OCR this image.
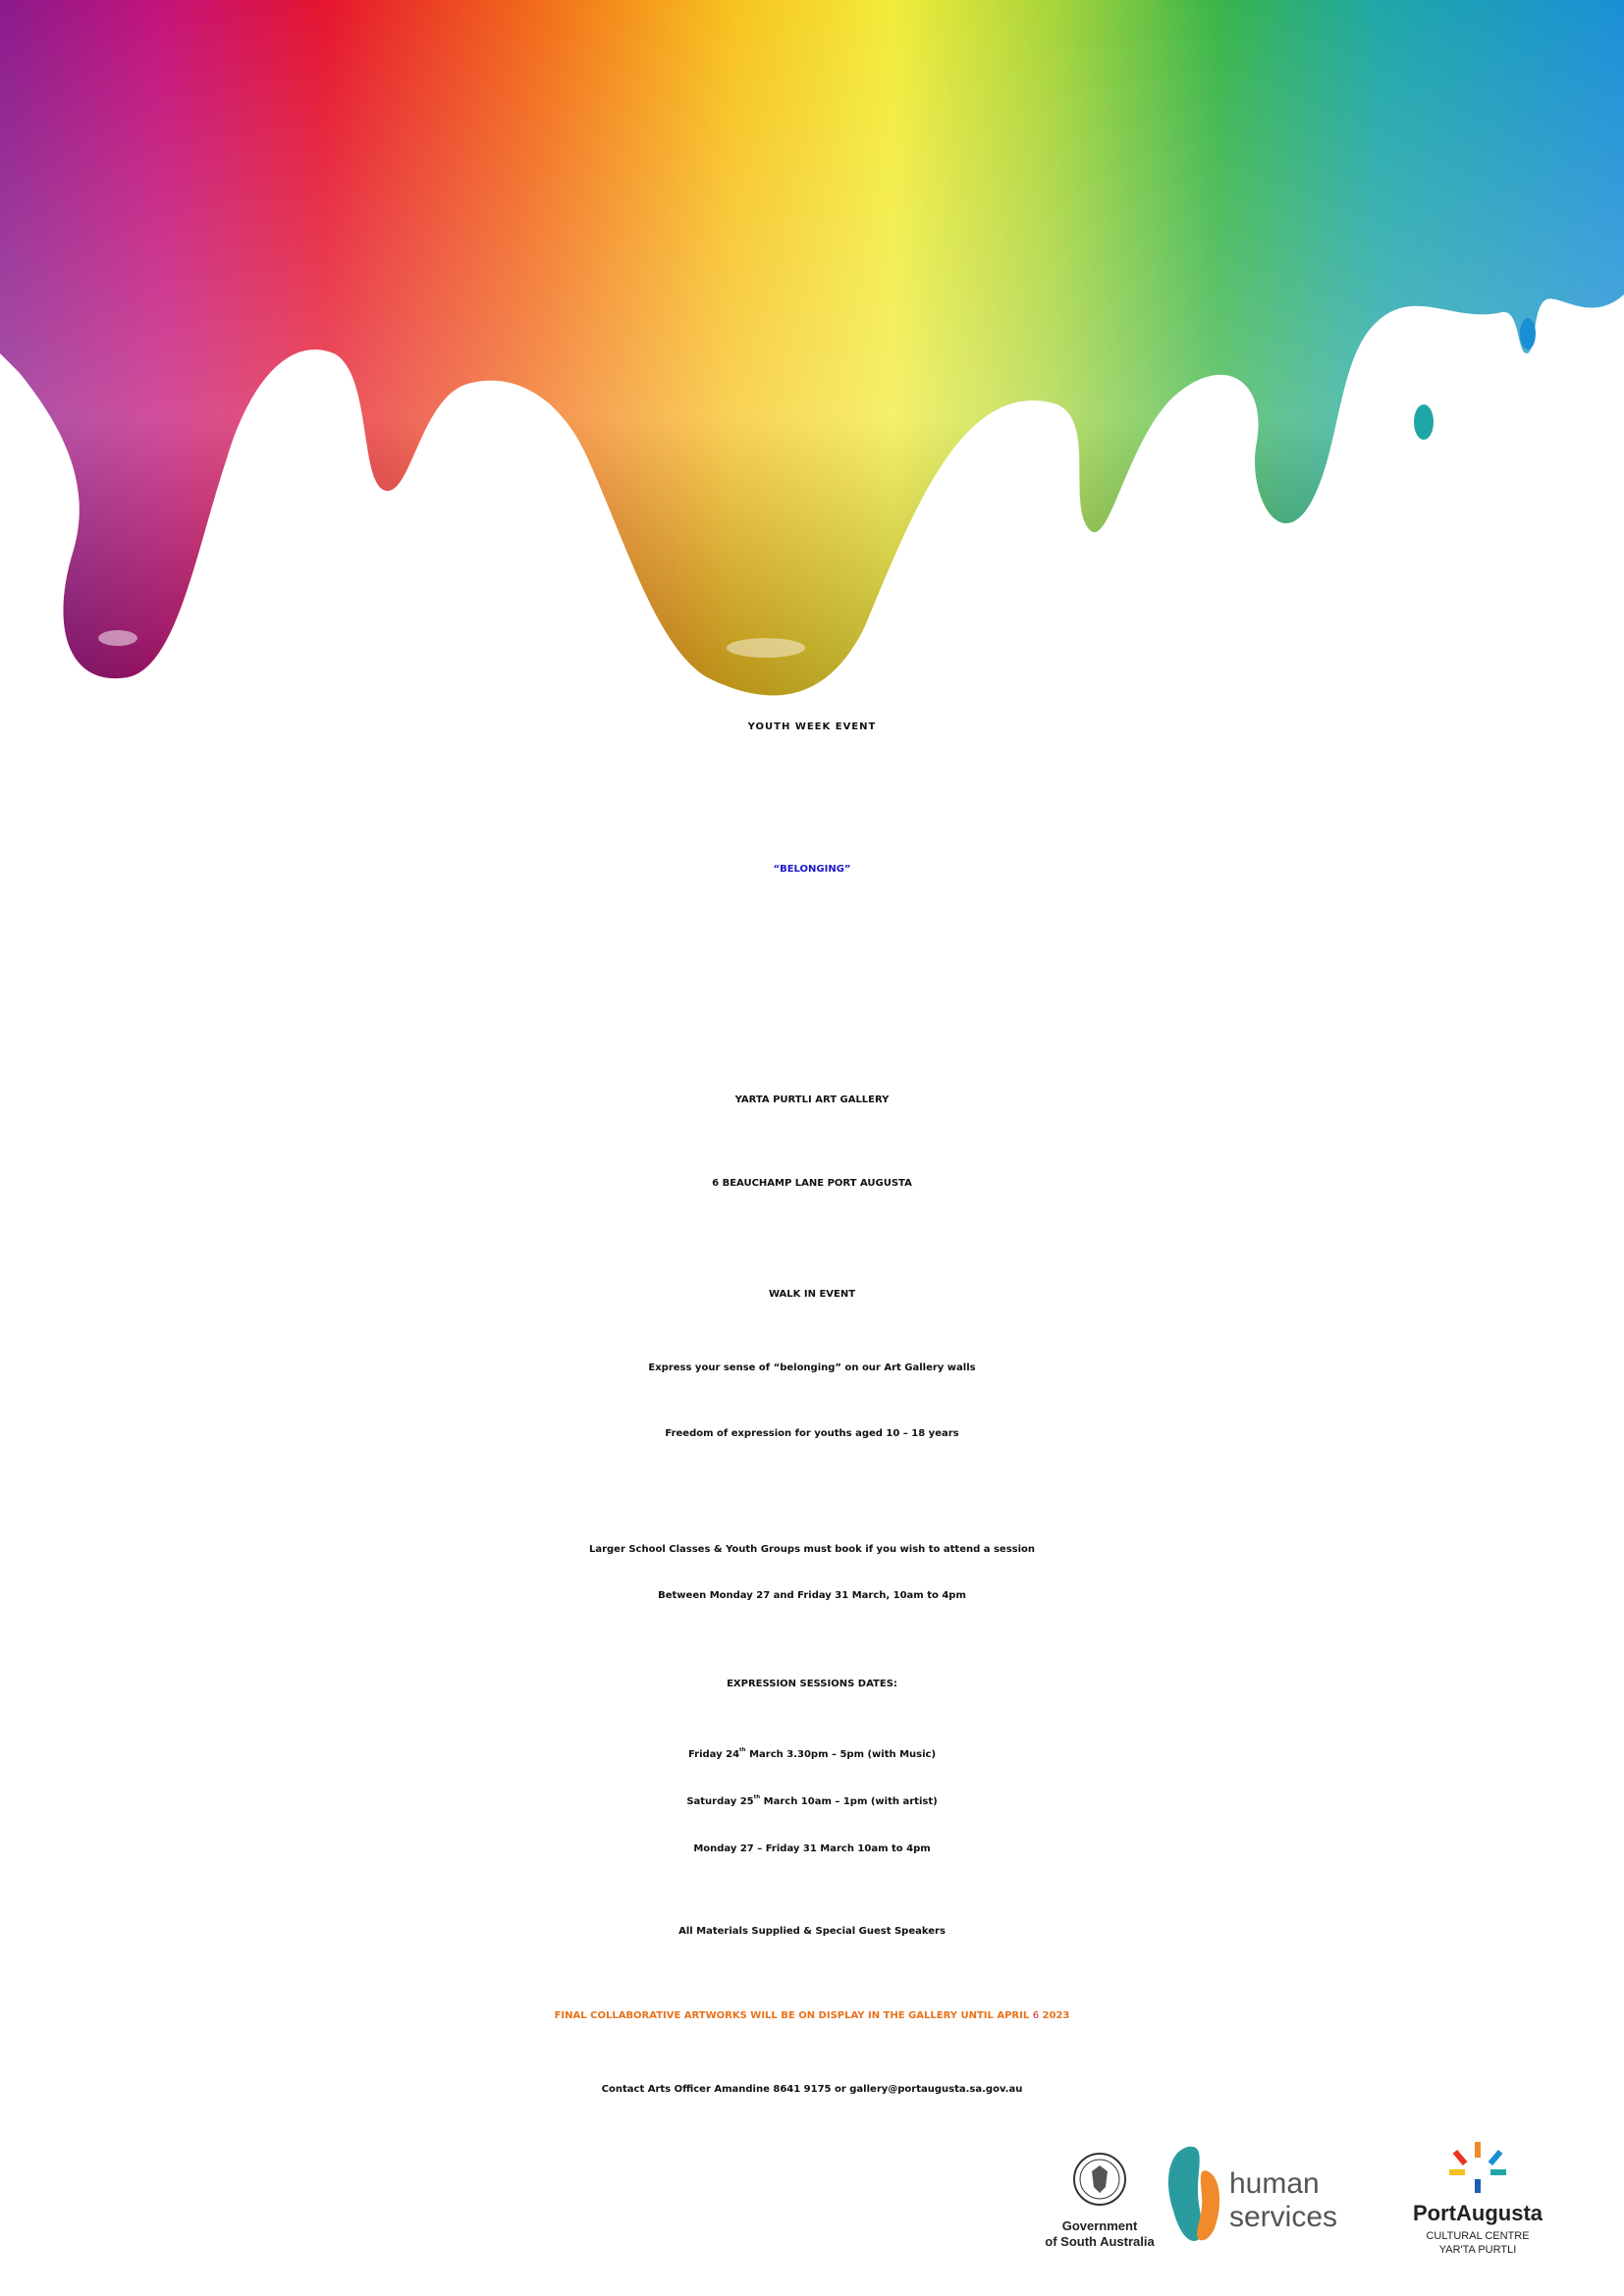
YOUTH WEEK EVENT
“BELONGING”
YARTA PURTLI ART GALLERY
6 BEAUCHAMP LANE PORT AUGUSTA
WALK IN EVENT
Express your sense of “belonging” on our Art Gallery walls
Freedom of expression for youths aged 10 – 18 years
Larger School Classes & Youth Groups must book if you wish to attend a session
Between Monday 27 and Friday 31 March, 10am to 4pm
EXPRESSION SESSIONS DATES:
Friday 24th March 3.30pm – 5pm (with Music)
Saturday 25th March 10am – 1pm (with artist)
Monday 27 – Friday 31 March 10am to 4pm
All Materials Supplied & Special Guest Speakers
FINAL COLLABORATIVE ARTWORKS WILL BE ON DISPLAY IN THE GALLERY UNTIL APRIL 6 2023
Contact Arts Officer Amandine 8641 9175 or gallery@portaugusta.sa.gov.au
Government
of South Australia
human
services	PortAugusta
CULTURAL CENTRE
YAR'TA PURTLI
